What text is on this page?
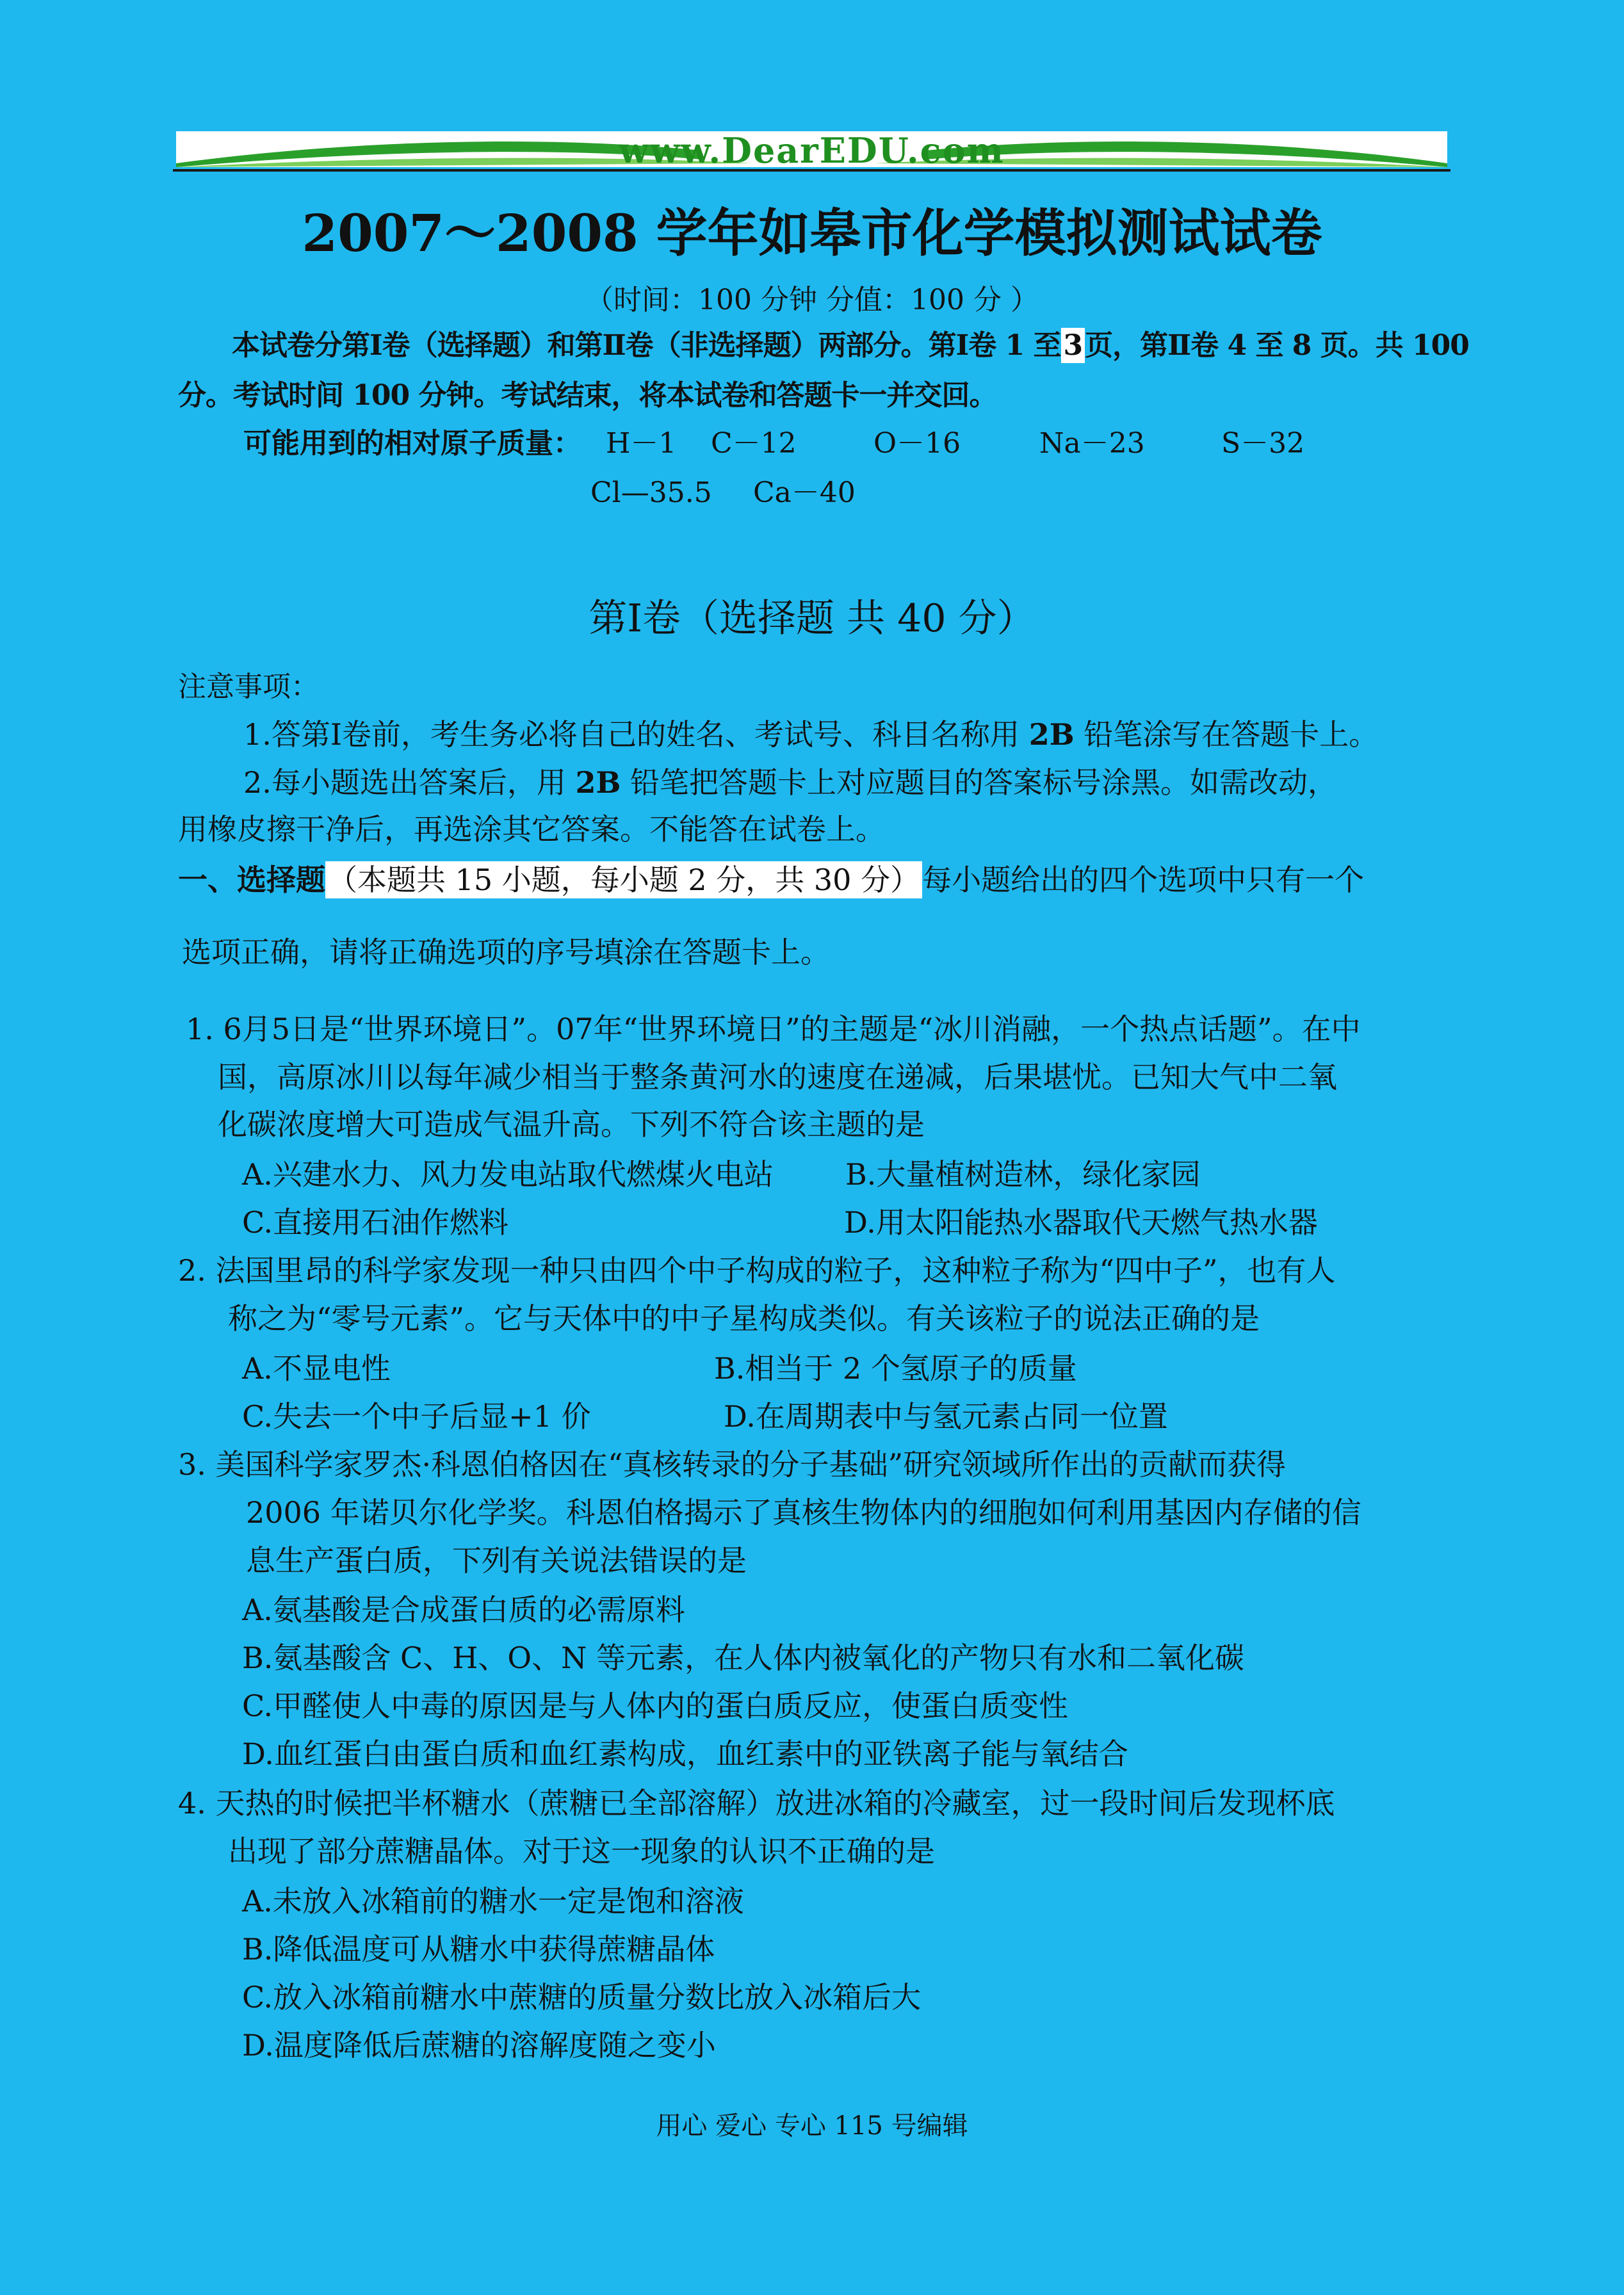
www.DearEDU.com
2007～2008 学年如皋市化学模拟测试试卷
（时间：100 分钟 分值：100 分 ）
本试卷分第Ⅰ卷（选择题）和第Ⅱ卷（非选择题）两部分。第Ⅰ卷 1 至3页，第Ⅱ卷 4 至 8 页。共 100
分。考试时间 100 分钟。考试结束，将本试卷和答题卡一并交回。
可能用到的相对原子质量： H－1 C－12	O－16	Na－23	S－32
Cl—35.5 Ca－40
第Ⅰ卷（选择题 共 40 分）
注意事项：
1.答第Ⅰ卷前，考生务必将自己的姓名、考试号、科目名称用 2B 铅笔涂写在答题卡上。
2.每小题选出答案后，用 2B 铅笔把答题卡上对应题目的答案标号涂黑。如需改动，
用橡皮擦干净后，再选涂其它答案。不能答在试卷上。
一、选择题（本题共 15 小题，每小题 2 分，共 30 分）每小题给出的四个选项中只有一个
选项正确，请将正确选项的序号填涂在答题卡上。
1. 6月5日是“世界环境日”。07年“世界环境日”的主题是“冰川消融，一个热点话题”。在中
国，高原冰川以每年减少相当于整条黄河水的速度在递减，后果堪忧。已知大气中二氧
化碳浓度增大可造成气温升高。下列不符合该主题的是
A.兴建水力、风力发电站取代燃煤火电站 B.大量植树造林，绿化家园
C.直接用石油作燃料	D.用太阳能热水器取代天燃气热水器
2. 法国里昂的科学家发现一种只由四个中子构成的粒子，这种粒子称为“四中子”，也有人
称之为“零号元素”。它与天体中的中子星构成类似。有关该粒子的说法正确的是
A.不显电性	B.相当于 2 个氢原子的质量
C.失去一个中子后显+1 价	D.在周期表中与氢元素占同一位置
3. 美国科学家罗杰·科恩伯格因在“真核转录的分子基础”研究领域所作出的贡献而获得
2006 年诺贝尔化学奖。科恩伯格揭示了真核生物体内的细胞如何利用基因内存储的信
息生产蛋白质，下列有关说法错误的是
A.氨基酸是合成蛋白质的必需原料
B.氨基酸含 C、H、O、N 等元素，在人体内被氧化的产物只有水和二氧化碳
C.甲醛使人中毒的原因是与人体内的蛋白质反应，使蛋白质变性
D.血红蛋白由蛋白质和血红素构成，血红素中的亚铁离子能与氧结合
4. 天热的时候把半杯糖水（蔗糖已全部溶解）放进冰箱的冷藏室，过一段时间后发现杯底
出现了部分蔗糖晶体。对于这一现象的认识不正确的是
A.未放入冰箱前的糖水一定是饱和溶液
B.降低温度可从糖水中获得蔗糖晶体
C.放入冰箱前糖水中蔗糖的质量分数比放入冰箱后大
D.温度降低后蔗糖的溶解度随之变小
用心 爱心 专心 115 号编辑
